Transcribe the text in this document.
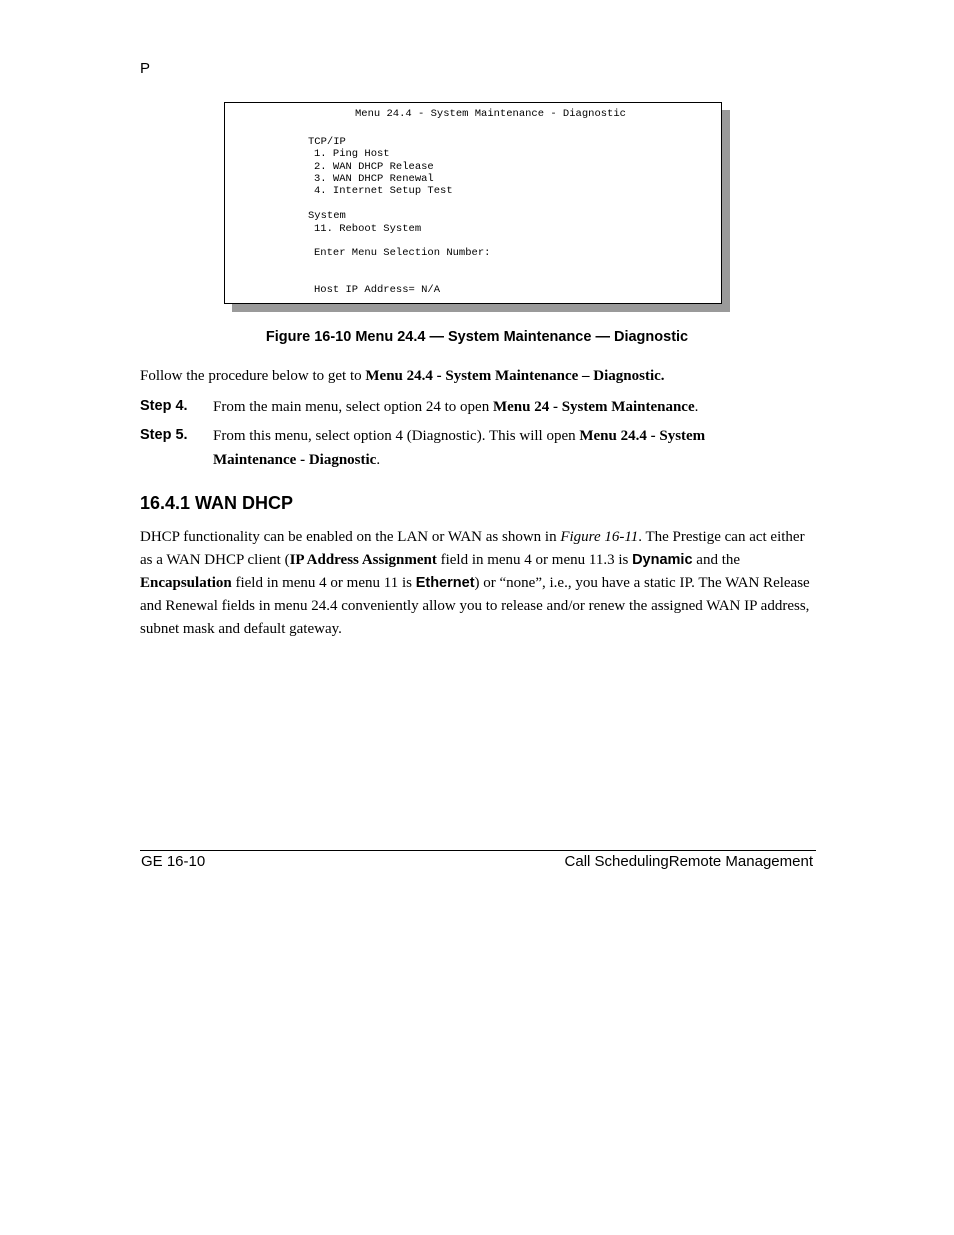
P
Menu 24.4 - System Maintenance - Diagnostic
TCP/IP
1. Ping Host
2. WAN DHCP Release
3. WAN DHCP Renewal
4. Internet Setup Test
System
11. Reboot System
Enter Menu Selection Number:
Host IP Address= N/A
Figure 16-10 Menu 24.4 — System Maintenance — Diagnostic
Follow the procedure below to get to Menu 24.4 - System Maintenance – Diagnostic.
Step 4. From the main menu, select option 24 to open Menu 24 - System Maintenance.
Step 5. From this menu, select option 4 (Diagnostic). This will open Menu 24.4 - System Maintenance - Diagnostic.
16.4.1 WAN DHCP
DHCP functionality can be enabled on the LAN or WAN as shown in Figure 16-11. The Prestige can act either as a WAN DHCP client (IP Address Assignment field in menu 4 or menu 11.3 is Dynamic and the Encapsulation field in menu 4 or menu 11 is Ethernet) or “none”, i.e., you have a static IP. The WAN Release and Renewal fields in menu 24.4 conveniently allow you to release and/or renew the assigned WAN IP address, subnet mask and default gateway.
GE 16-10	Call SchedulingRemote Management
